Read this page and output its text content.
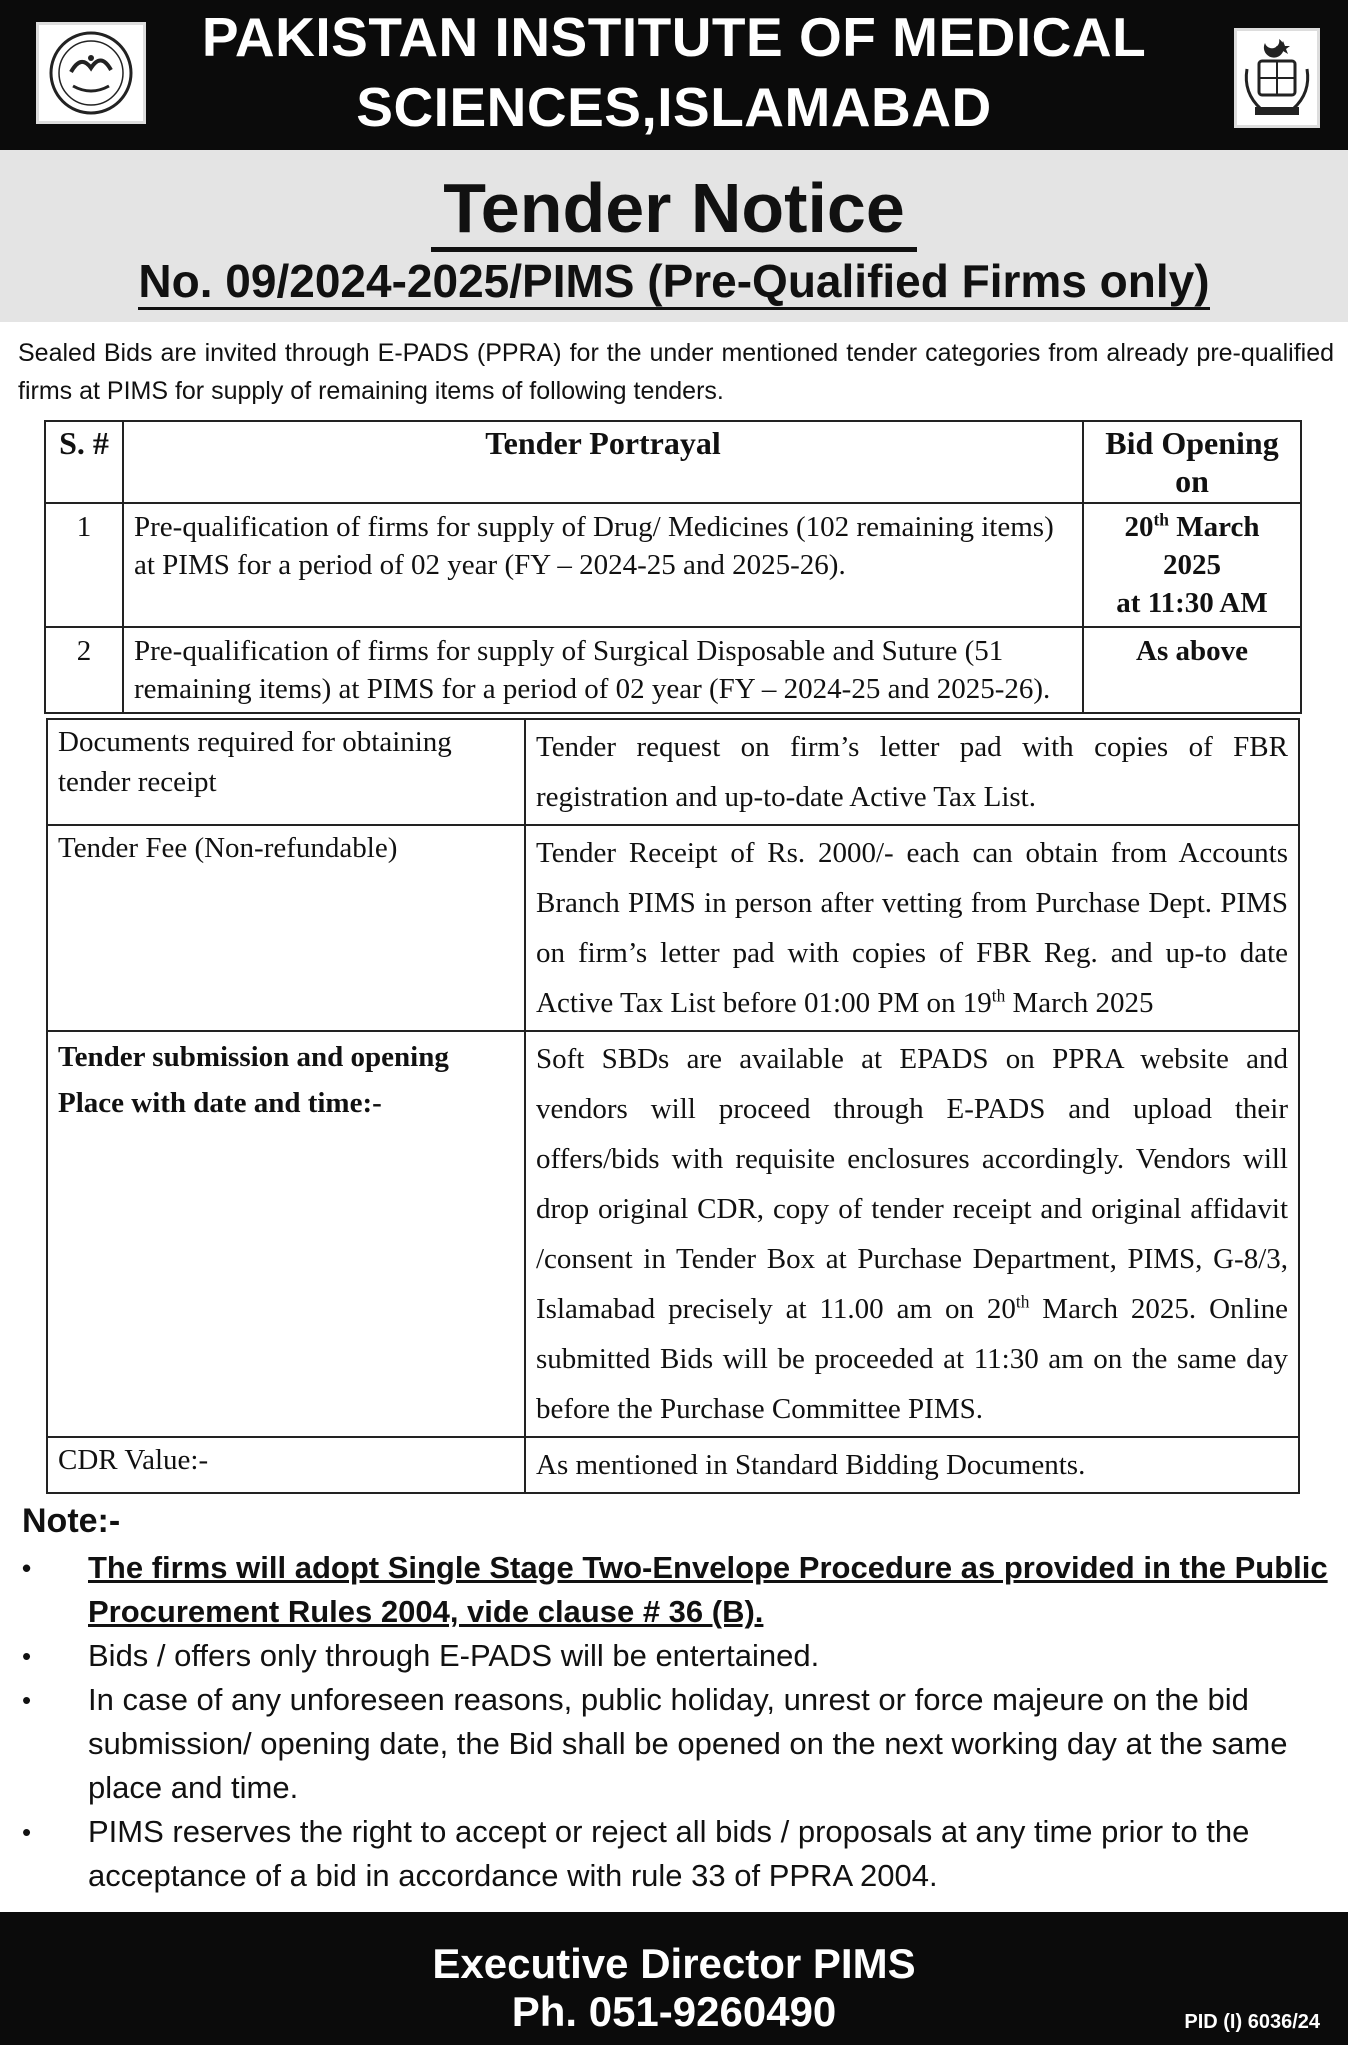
PAKISTAN INSTITUTE OF MEDICAL
SCIENCES,ISLAMABAD
Tender Notice
No. 09/2024-2025/PIMS (Pre-Qualified Firms only)
Sealed Bids are invited through E-PADS (PPRA) for the under mentioned tender categories from already pre-qualified firms at PIMS for supply of remaining items of following tenders.
S. #	Tender Portrayal	Bid Opening on
1	Pre-qualification of firms for supply of Drug/ Medicines (102 remaining items) at PIMS for a period of 02 year (FY – 2024-25 and 2025-26).	20th March 2025
at 11:30 AM
2	Pre-qualification of firms for supply of Surgical Disposable and Suture (51 remaining items) at PIMS for a period of 02 year (FY – 2024-25 and 2025-26).	As above
Documents required for obtaining tender receipt	Tender request on firm’s letter pad with copies of FBR registration and up-to-date Active Tax List.
Tender Fee (Non-refundable)	Tender Receipt of Rs. 2000/- each can obtain from Accounts Branch PIMS in person after vetting from Purchase Dept. PIMS on firm’s letter pad with copies of FBR Reg. and up-to date Active Tax List before 01:00 PM on 19th March 2025
Tender submission and opening Place with date and time:-	Soft SBDs are available at EPADS on PPRA website and vendors will proceed through E-PADS and upload their offers/bids with requisite enclosures accordingly. Vendors will drop original CDR, copy of tender receipt and original affidavit /consent in Tender Box at Purchase Department, PIMS, G-8/3, Islamabad precisely at 11.00 am on 20th March 2025. Online submitted Bids will be proceeded at 11:30 am on the same day before the Purchase Committee PIMS.
CDR Value:-	As mentioned in Standard Bidding Documents.
Note:-
• The firms will adopt Single Stage Two-Envelope Procedure as provided in the Public Procurement Rules 2004, vide clause # 36 (B).
• Bids / offers only through E-PADS will be entertained.
• In case of any unforeseen reasons, public holiday, unrest or force majeure on the bid submission/ opening date, the Bid shall be opened on the next working day at the same place and time.
• PIMS reserves the right to accept or reject all bids / proposals at any time prior to the acceptance of a bid in accordance with rule 33 of PPRA 2004.
Executive Director PIMS
Ph. 051-9260490	PID (I) 6036/24
